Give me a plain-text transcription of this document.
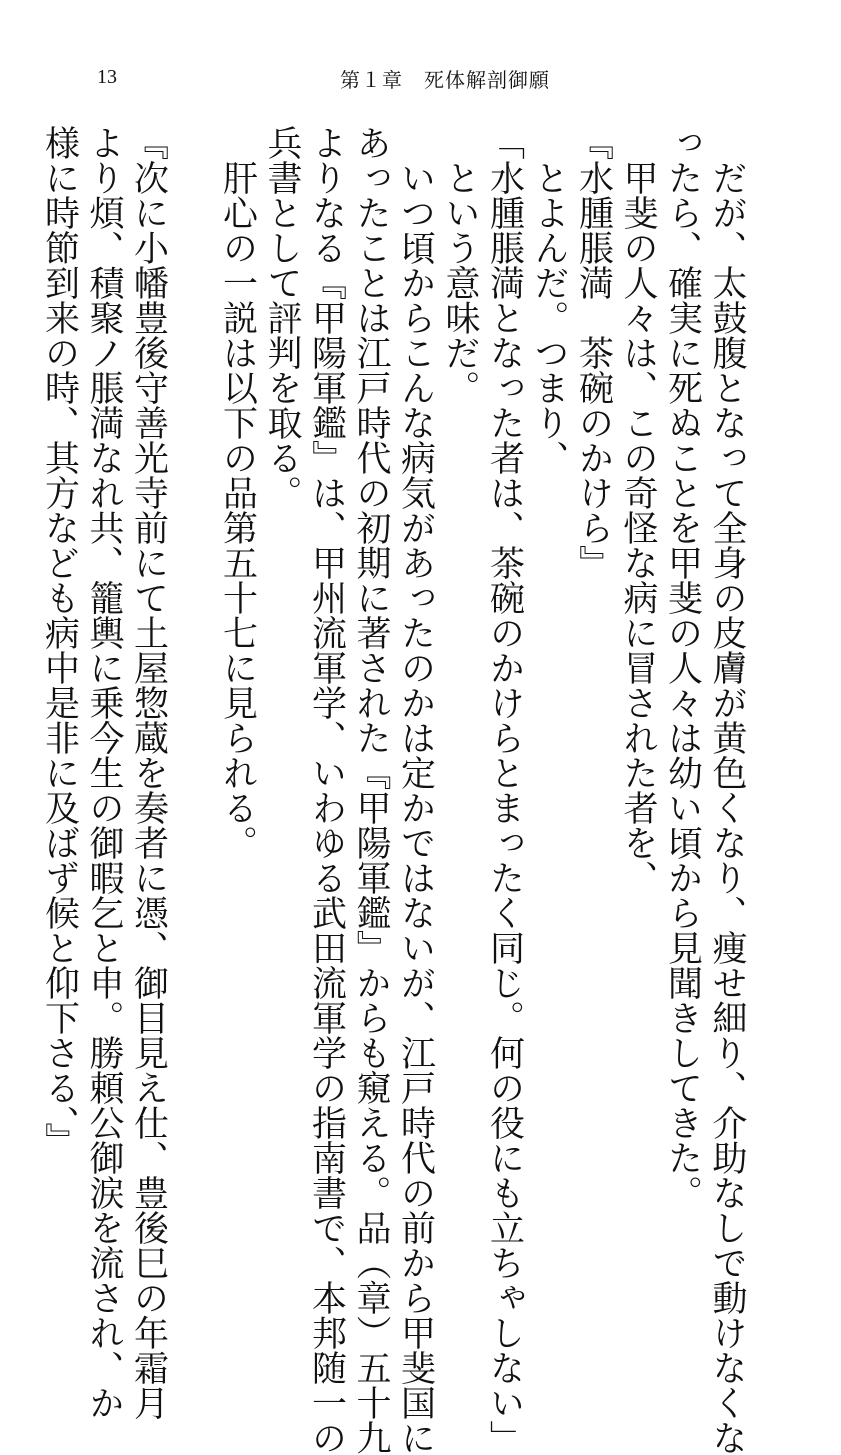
13	第１章　死体解剖御願
　だが、太鼓腹となって全身の皮膚が黄色くなり、痩せ細り、介助なしで動けなくな
ったら、確実に死ぬことを甲斐の人々は幼い頃から見聞きしてきた。
　甲斐の人々は、この奇怪な病に冒された者を、
『水腫脹満　茶碗のかけら』
　とよんだ。つまり、
「水腫脹満となった者は、茶碗のかけらとまったく同じ。何の役にも立ちゃしない」
　という意味だ。
　いつ頃からこんな病気があったのかは定かではないが、江戸時代の前から甲斐国に
あったことは江戸時代の初期に著された『甲陽軍鑑』からも窺える。品（章）五十九
よりなる『甲陽軍鑑』は、甲州流軍学、いわゆる武田流軍学の指南書で、本邦随一の
兵書として評判を取る。
　肝心の一説は以下の品第五十七に見られる。
『次に小幡豊後守善光寺前にて土屋惣蔵を奏者に憑、御目見え仕、豊後巳の年霜月
より煩、積聚ノ脹満なれ共、籠輿に乗今生の御暇乞と申。勝頼公御涙を流され、か
様に時節到来の時、其方なども病中是非に及ばず候と仰下さる、』
